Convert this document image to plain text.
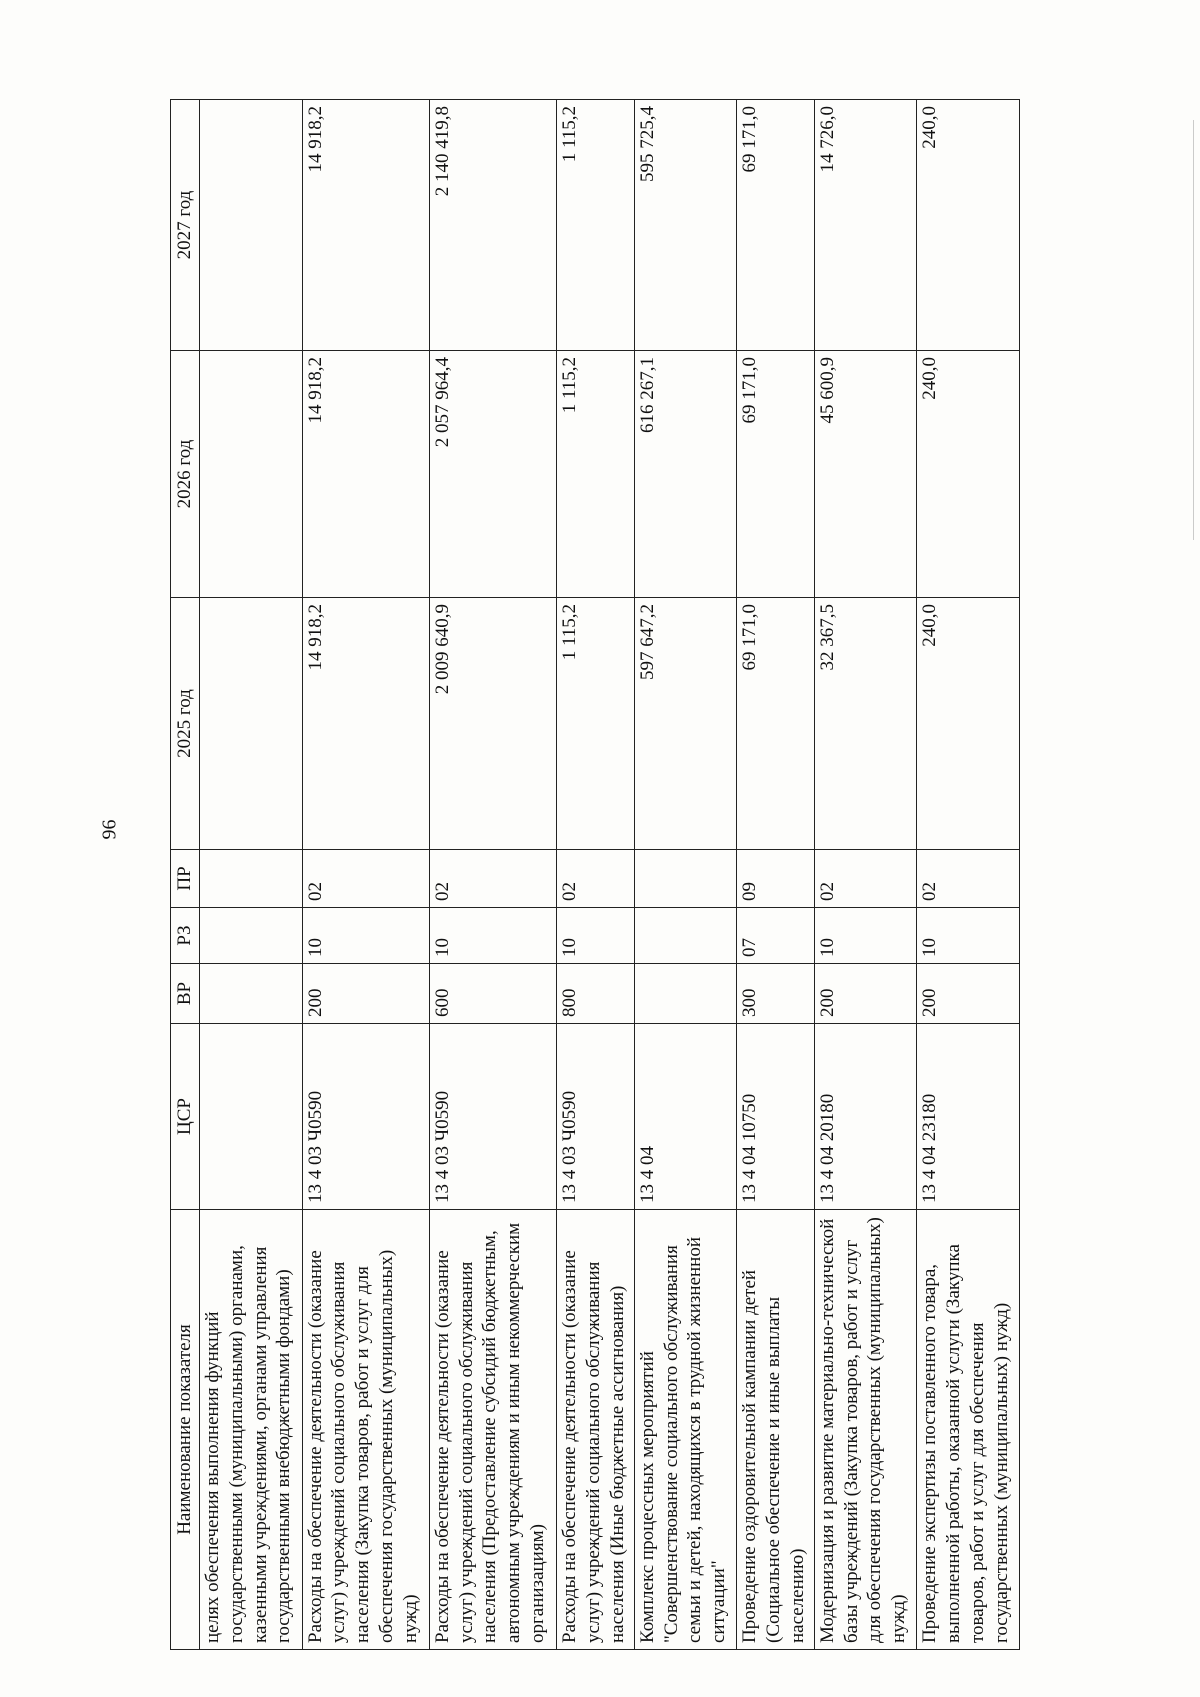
96
Наименование показателя	ЦСР	ВР	РЗ	ПР	2025 год	2026 год	2027 год
целях обеспечения выполнения функций государственными (муниципальными) органами, казенными учреждениями, органами управления государственными внебюджетными фондами)							
Расходы на обеспечение деятельности (оказание услуг) учреждений социального обслуживания населения (Закупка товаров, работ и услуг для обеспечения государственных (муниципальных) нужд)	13 4 03 Ч0590	200	10	02	14 918,2	14 918,2	14 918,2
Расходы на обеспечение деятельности (оказание услуг) учреждений социального обслуживания населения (Предоставление субсидий бюджетным, автономным учреждениям и иным некоммерческим организациям)	13 4 03 Ч0590	600	10	02	2 009 640,9	2 057 964,4	2 140 419,8
Расходы на обеспечение деятельности (оказание услуг) учреждений социального обслуживания населения (Иные бюджетные ассигнования)	13 4 03 Ч0590	800	10	02	1 115,2	1 115,2	1 115,2
Комплекс процессных мероприятий "Совершенствование социального обслуживания семьи и детей, находящихся в трудной жизненной ситуации"	13 4 04				597 647,2	616 267,1	595 725,4
Проведение оздоровительной кампании детей (Социальное обеспечение и иные выплаты населению)	13 4 04 10750	300	07	09	69 171,0	69 171,0	69 171,0
Модернизация и развитие материально-технической базы учреждений (Закупка товаров, работ и услуг для обеспечения государственных (муниципальных) нужд)	13 4 04 20180	200	10	02	32 367,5	45 600,9	14 726,0
Проведение экспертизы поставленного товара, выполненной работы, оказанной услуги (Закупка товаров, работ и услуг для обеспечения государственных (муниципальных) нужд)	13 4 04 23180	200	10	02	240,0	240,0	240,0
